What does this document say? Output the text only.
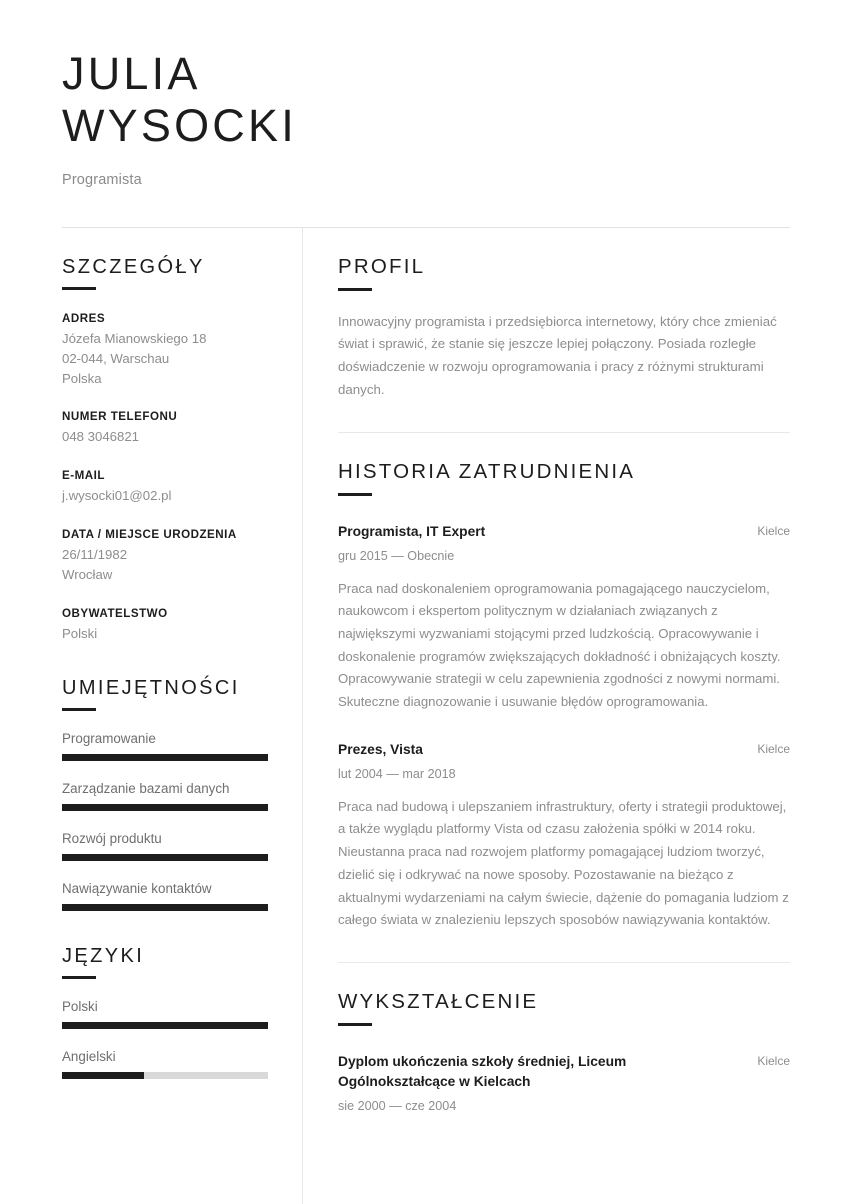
JULIA
WYSOCKI
Programista
SZCZEGÓŁY
ADRES
Józefa Mianowskiego 18
02-044, Warschau
Polska
NUMER TELEFONU
048 3046821
E-MAIL
j.wysocki01@02.pl
DATA / MIEJSCE URODZENIA
26/11/1982
Wrocław
OBYWATELSTWO
Polski
UMIEJĘTNOŚCI
Programowanie
Zarządzanie bazami danych
Rozwój produktu
Nawiązywanie kontaktów
JĘZYKI
Polski
Angielski
PROFIL
Innowacyjny programista i przedsiębiorca internetowy, który chce zmieniać świat i sprawić, że stanie się jeszcze lepiej połączony. Posiada rozległe doświadczenie w rozwoju oprogramowania i pracy z różnymi strukturami danych.
HISTORIA ZATRUDNIENIA
Programista, IT Expert	Kielce
gru 2015 — Obecnie
Praca nad doskonaleniem oprogramowania pomagającego nauczycielom, naukowcom i ekspertom politycznym w działaniach związanych z największymi wyzwaniami stojącymi przed ludzkością. Opracowywanie i doskonalenie programów zwiększających dokładność i obniżających koszty. Opracowywanie strategii w celu zapewnienia zgodności z nowymi normami. Skuteczne diagnozowanie i usuwanie błędów oprogramowania.
Prezes, Vista	Kielce
lut 2004 — mar 2018
Praca nad budową i ulepszaniem infrastruktury, oferty i strategii produktowej, a także wyglądu platformy Vista od czasu założenia spółki w 2014 roku. Nieustanna praca nad rozwojem platformy pomagającej ludziom tworzyć, dzielić się i odkrywać na nowe sposoby. Pozostawanie na bieżąco z aktualnymi wydarzeniami na całym świecie, dążenie do pomagania ludziom z całego świata w znalezieniu lepszych sposobów nawiązywania kontaktów.
WYKSZTAŁCENIE
Dyplom ukończenia szkoły średniej, Liceum Ogólnokształcące w Kielcach
Kielce
sie 2000 — cze 2004
